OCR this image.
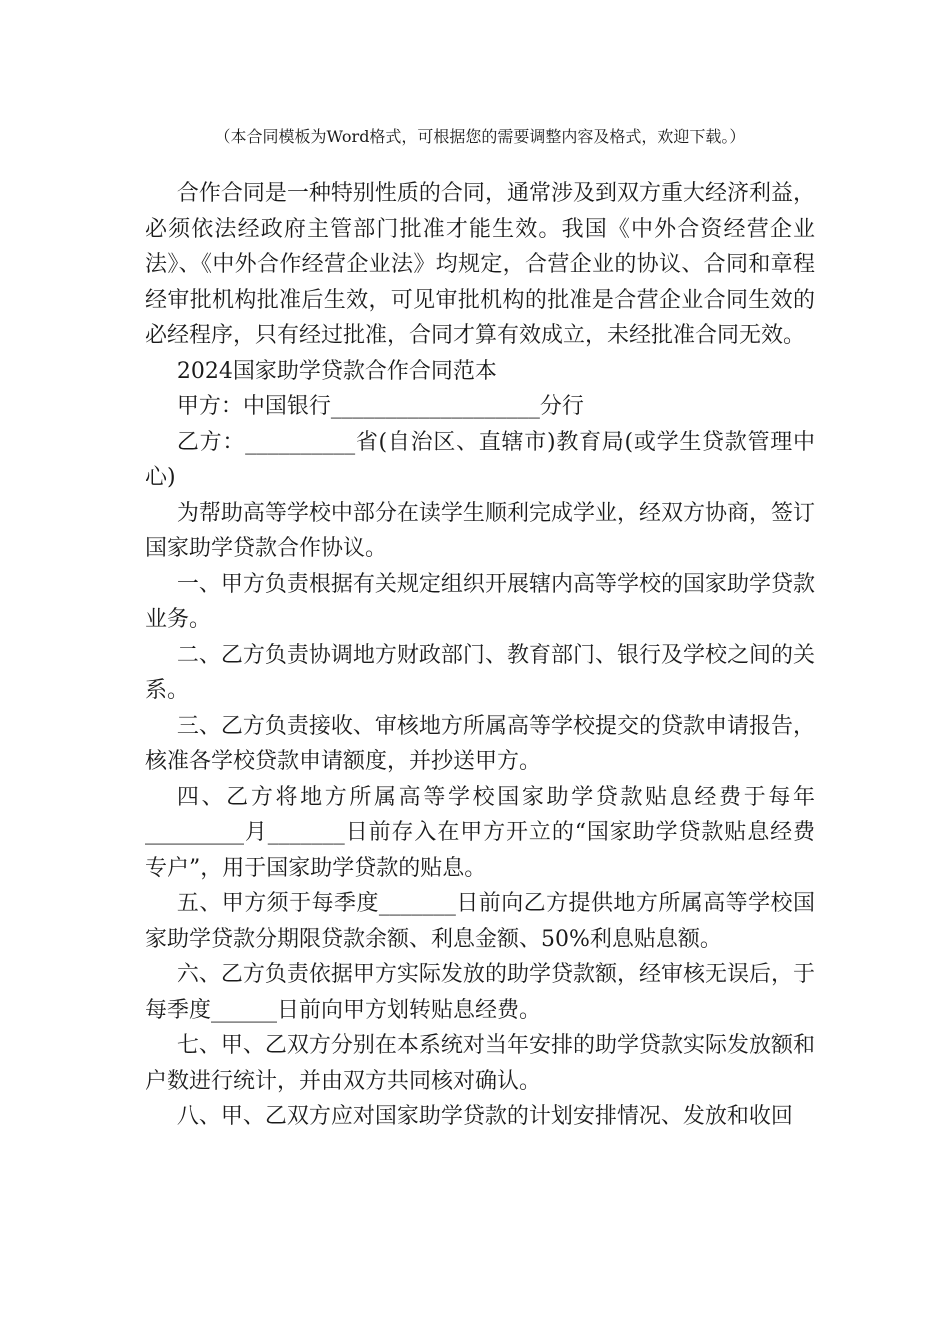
（本合同模板为Word格式，可根据您的需要调整内容及格式，欢迎下载。）

合作合同是一种特别性质的合同，通常涉及到双方重大经济利益，必须依法经政府主管部门批准才能生效。我国《中外合资经营企业法》、《中外合作经营企业法》均规定，合营企业的协议、合同和章程经审批机构批准后生效，可见审批机构的批准是合营企业合同生效的必经程序，只有经过批准，合同才算有效成立，未经批准合同无效。

2024国家助学贷款合作合同范本

甲方：中国银行___________________分行

乙方：__________省(自治区、直辖市)教育局(或学生贷款管理中心)

为帮助高等学校中部分在读学生顺利完成学业，经双方协商，签订国家助学贷款合作协议。

一、甲方负责根据有关规定组织开展辖内高等学校的国家助学贷款业务。

二、乙方负责协调地方财政部门、教育部门、银行及学校之间的关系。

三、乙方负责接收、审核地方所属高等学校提交的贷款申请报告，核准各学校贷款申请额度，并抄送甲方。

四、乙方将地方所属高等学校国家助学贷款贴息经费于每年_________月_______日前存入在甲方开立的“国家助学贷款贴息经费专户”，用于国家助学贷款的贴息。

五、甲方须于每季度_______日前向乙方提供地方所属高等学校国家助学贷款分期限贷款余额、利息金额、50%利息贴息额。

六、乙方负责依据甲方实际发放的助学贷款额，经审核无误后，于每季度______日前向甲方划转贴息经费。

七、甲、乙双方分别在本系统对当年安排的助学贷款实际发放额和户数进行统计，并由双方共同核对确认。

八、甲、乙双方应对国家助学贷款的计划安排情况、发放和收回
